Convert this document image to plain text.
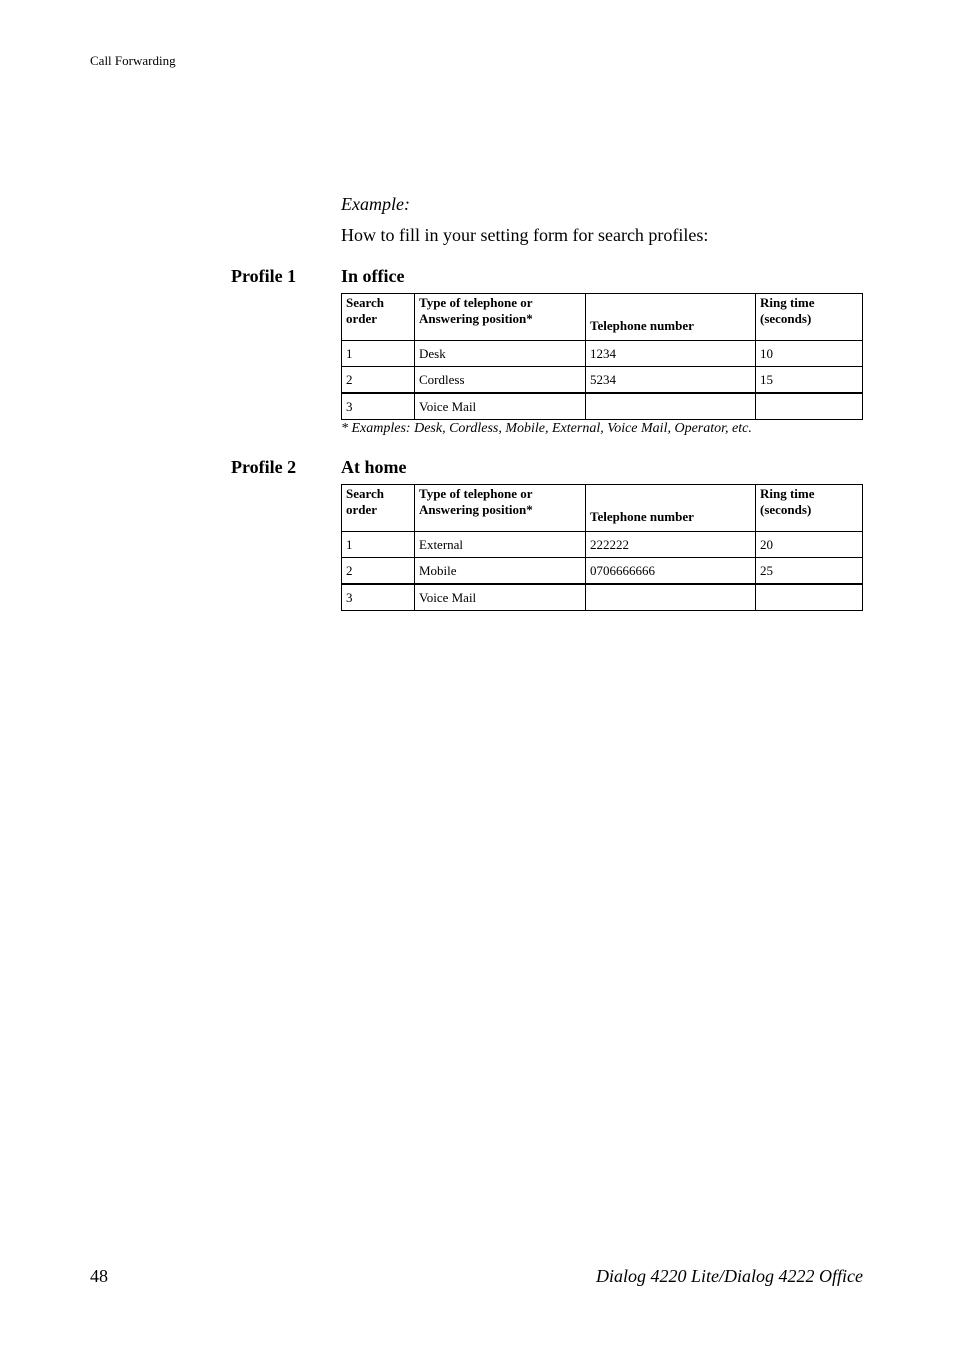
Call Forwarding
Example:
How to fill in your setting form for search profiles:
Profile 1 In office
Search order	Type of telephone or Answering position*	Telephone number	Ring time (seconds)
1	Desk	1234	10
2	Cordless	5234	15
3	Voice Mail		
* Examples: Desk, Cordless, Mobile, External, Voice Mail, Operator, etc.
Profile 2 At home
Search order	Type of telephone or Answering position*	Telephone number	Ring time (seconds)
1	External	222222	20
2	Mobile	0706666666	25
3	Voice Mail		
48	Dialog 4220 Lite/Dialog 4222 Office
